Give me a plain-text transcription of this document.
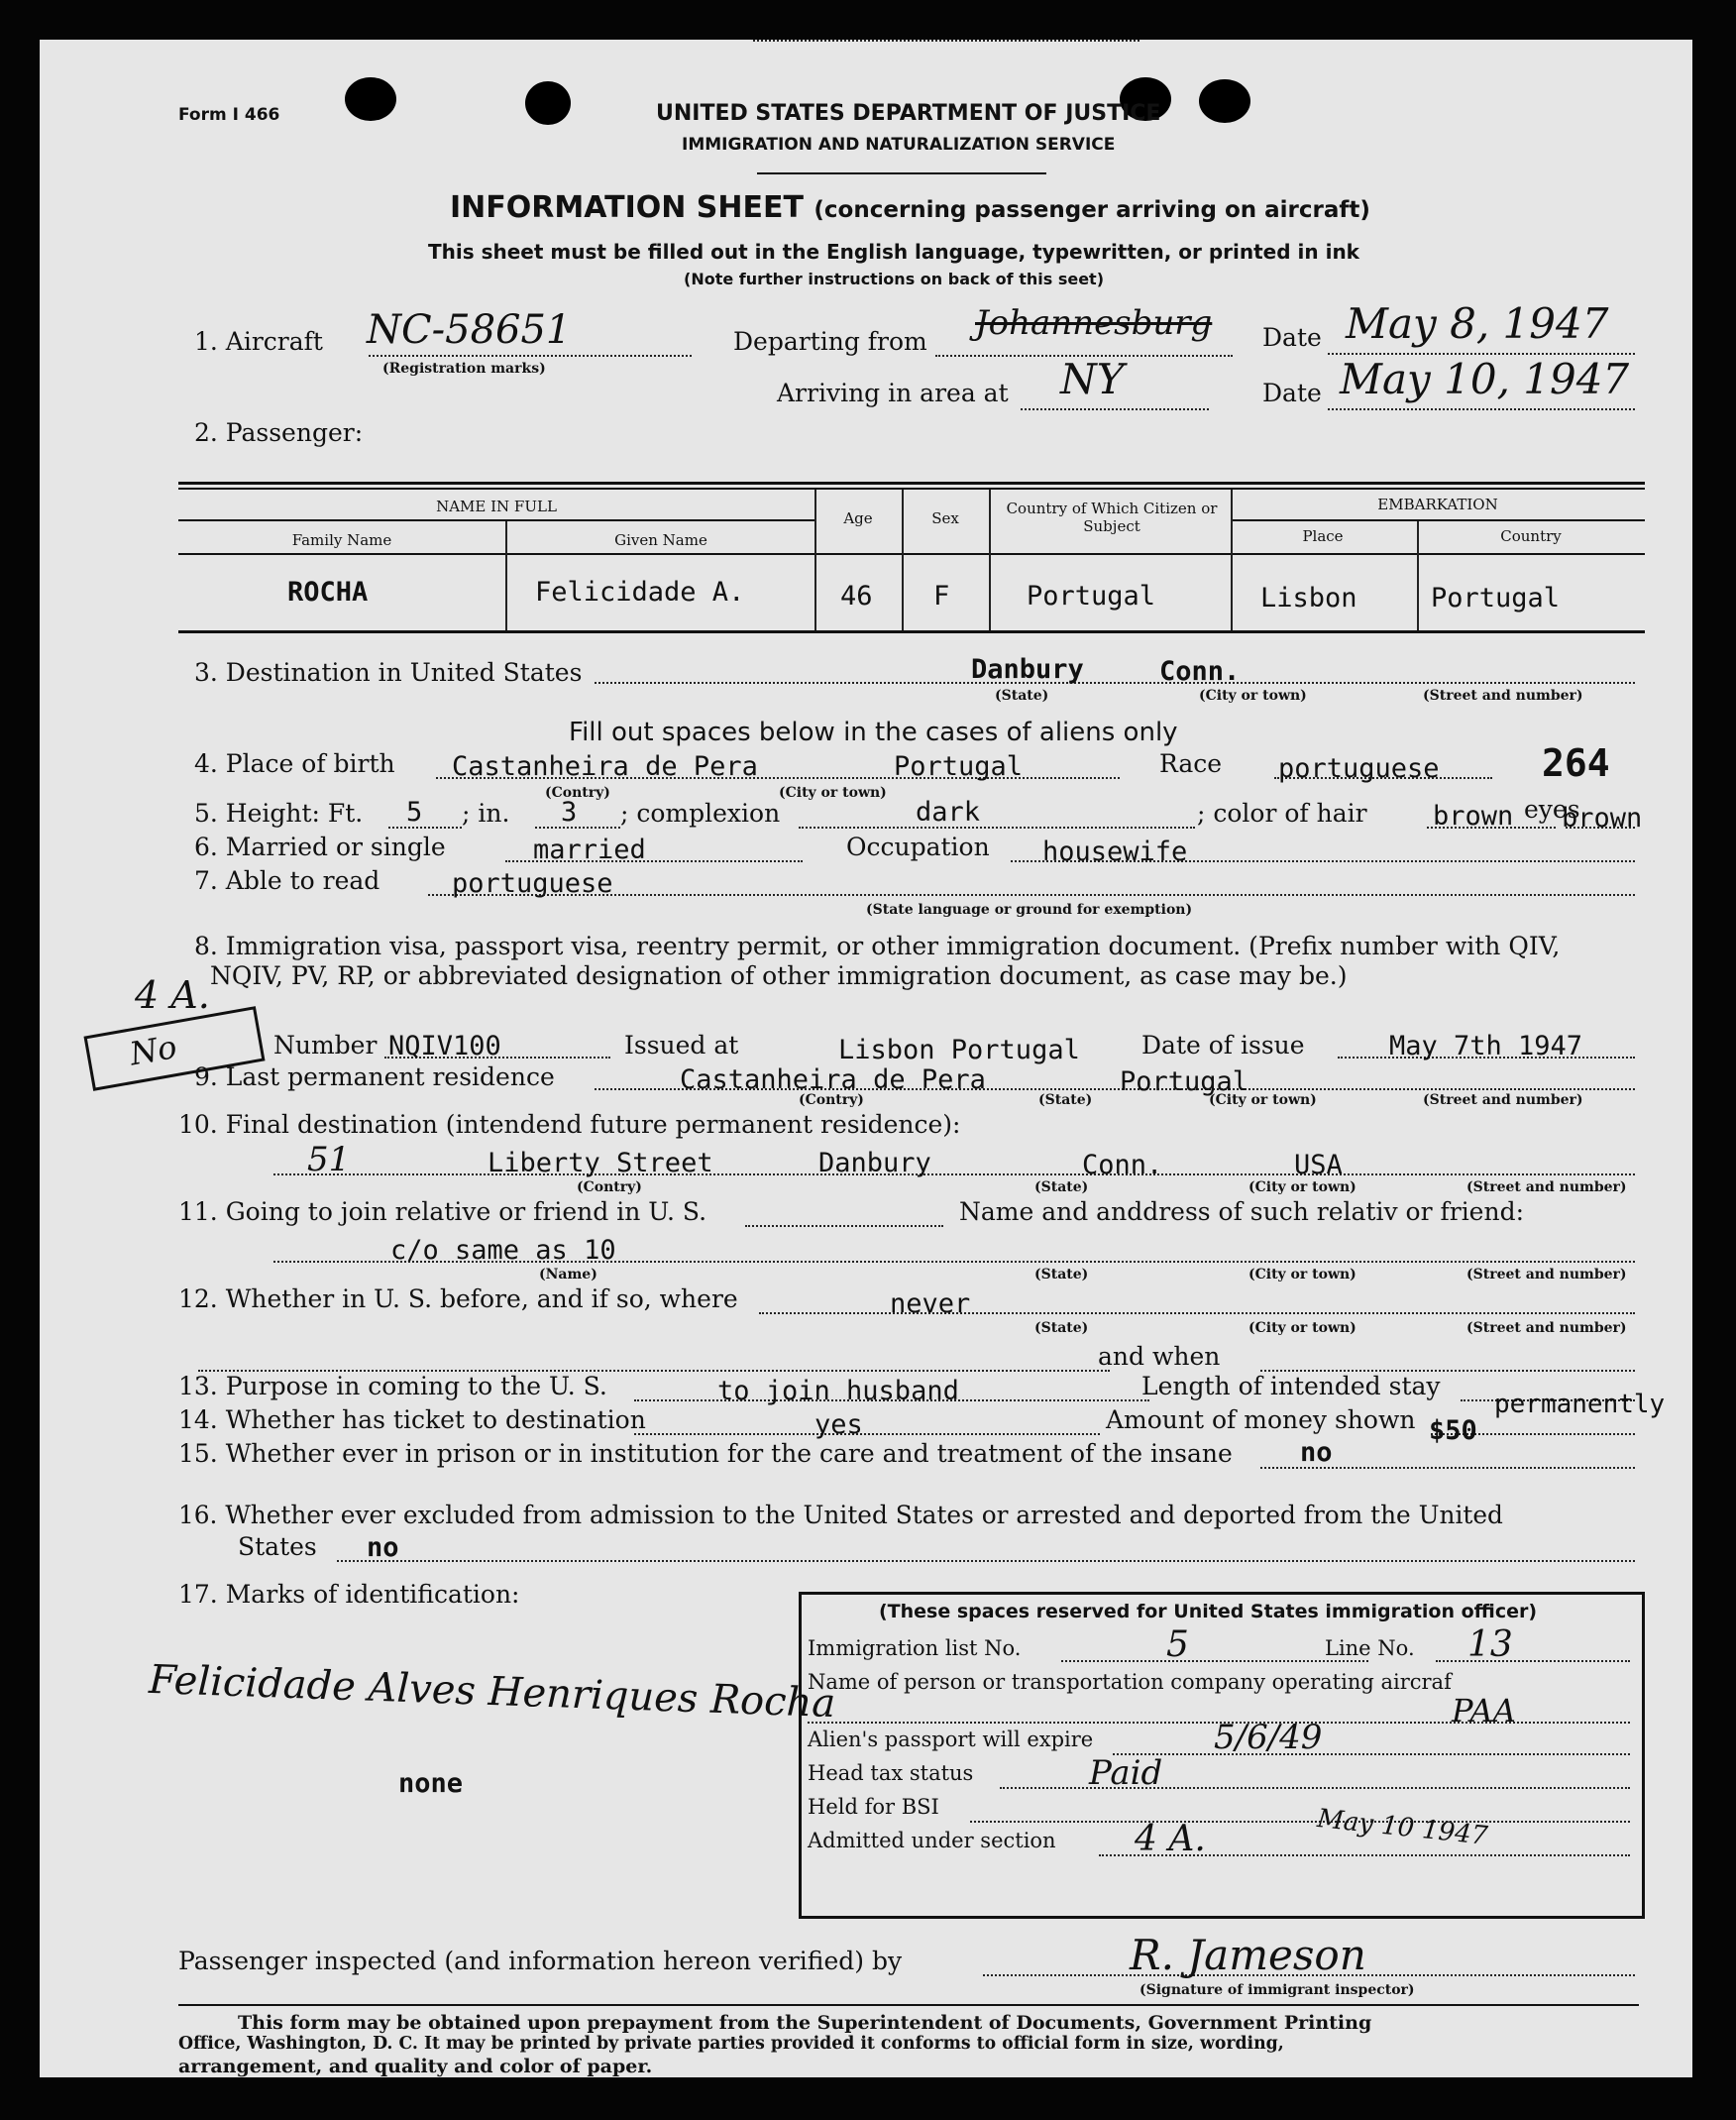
Form I 466	UNITED STATES DEPARTMENT OF JUSTICE
IMMIGRATION AND NATURALIZATION SERVICE
INFORMATION SHEET (concerning passenger arriving on aircraft)
This sheet must be filled out in the English language, typewritten, or printed in ink
(Note further instructions on back of this seet)
1. Aircraft NC-58651
(Registration marks)
Departing from Johannesburg Date May 8, 1947
Arriving in area at NY	Date May 10, 1947
2. Passenger:
NAME IN FULL	EMBARKATION
Family Name	Given Name
Age	Sex
Country of Which Citizen or Subject
Place	Country
ROCHA	Felicidade A.	46 F	Portugal	Lisbon	Portugal
3. Destination in United States	Danbury	Conn.
(State)	(City or town)	(Street and number)
Fill out spaces below in the cases of aliens only
4. Place of birth Castanheira de Pera	Portugal
(Contry)	(City or town)
Race portuguese	264
5. Height: Ft. 5 ; in. 3 ; complexion	dark	; color of hair brown eyes
brown
6. Married or single	married	Occupation housewife
7. Able to read	portuguese
(State language or ground for exemption)
8. Immigration visa, passport visa, reentry permit, or other immigration document. (Prefix number with QIV,
NQIV, PV, RP, or abbreviated designation of other immigration document, as case may be.)
4 A.
No	Number NQIV100	Issued at	Lisbon Portugal Date of issue	May 7th 1947
9. Last permanent residence	Castanheira de Pera	Portugal
(Contry)	(State)	(City or town)	(Street and number)
10. Final destination (intendend future permanent residence):
51	Liberty Street	Danbury	Conn.	USA
(Contry)	(State)	(City or town)	(Street and number)
11. Going to join relative or friend in U. S.	Name and anddress of such relativ or friend:
c/o same as 10
(Name)	(State)	(City or town)	(Street and number)
12. Whether in U. S. before, and if so, where	never
(State)	(City or town)	(Street and number)
and when
13. Purpose in coming to the U. S.	to join husband	Length of intended stay
permanently
14. Whether has ticket to destination	yes	Amount of money shown $50
15. Whether ever in prison or in institution for the care and treatment of the insane	no
16. Whether ever excluded from admission to the United States or arrested and deported from the United
States no
17. Marks of identification:
Felicidade Alves Henriques Rocha
none
(These spaces reserved for United States immigration officer)
Immigration list No.	5	Line No. 13
Name of person or transportation company operating aircraf
PAA
Alien's passport will expire	5/6/49
Head tax status	Paid
Held for BSI
Admitted under section 4 A.	May 10 1947
Passenger inspected (and information hereon verified) by	R. Jameson
(Signature of immigrant inspector)
This form may be obtained upon prepayment from the Superintendent of Documents, Government Printing
Office, Washington, D. C. It may be printed by private parties provided it conforms to official form in size, wording,
arrangement, and quality and color of paper.
